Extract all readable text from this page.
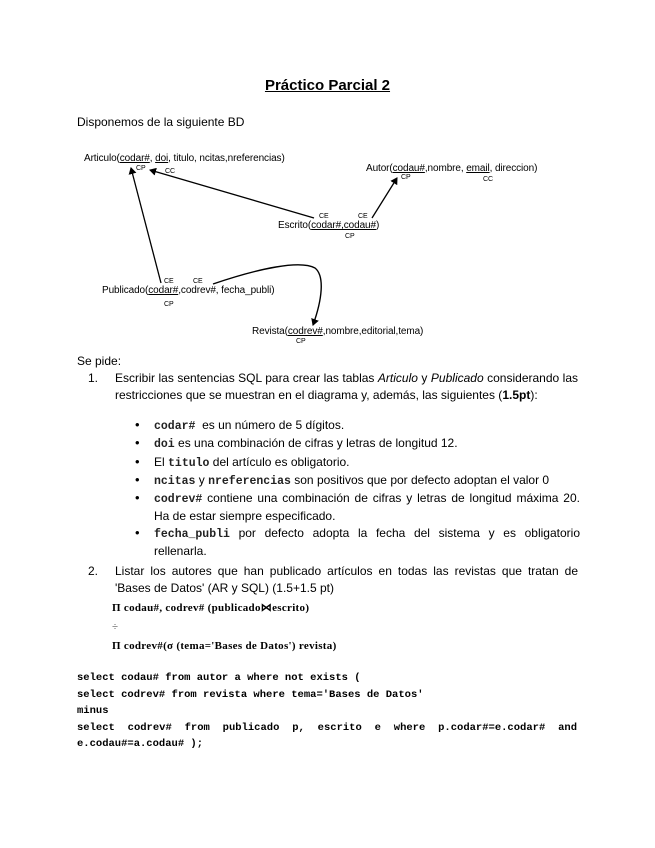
Práctico Parcial 2
Disponemos de la siguiente BD
Articulo(codar#, doi, titulo, ncitas,nreferencias)
CP	CC	Autor(codau#,nombre, email, direccion)
CP	CC
CE	CE
Escrito(codar#,codau#)
CP
CE	CE
Publicado(codar#,codrev#, fecha_publi)
CP
Revista(codrev#,nombre,editorial,tema)
CP
Se pide:
1. Escribir las sentencias SQL para crear las tablas Articulo y Publicado considerando las restricciones que se muestran en el diagrama y, además, las siguientes (1.5pt):
• codar#  es un número de 5 dígitos.
• doi es una combinación de cifras y letras de longitud 12.
• El titulo del artículo es obligatorio.
• ncitas y nreferencias son positivos que por defecto adoptan el valor 0
• codrev# contiene una combinación de cifras y letras de longitud máxima 20. Ha de estar siempre especificado.
• fecha_publi por defecto adopta la fecha del sistema y es obligatorio rellenarla.
2. Listar los autores que han publicado artículos en todas las revistas que tratan de 'Bases de Datos' (AR y SQL) (1.5+1.5 pt)
Π codau#, codrev# (publicado⋈escrito)
÷
Π codrev#(σ (tema='Bases de Datos') revista)
select codau# from autor a where not exists (
select codrev# from revista where tema='Bases de Datos'
minus
select codrev# from publicado p, escrito e where p.codar#=e.codar# and
e.codau#=a.codau# );
